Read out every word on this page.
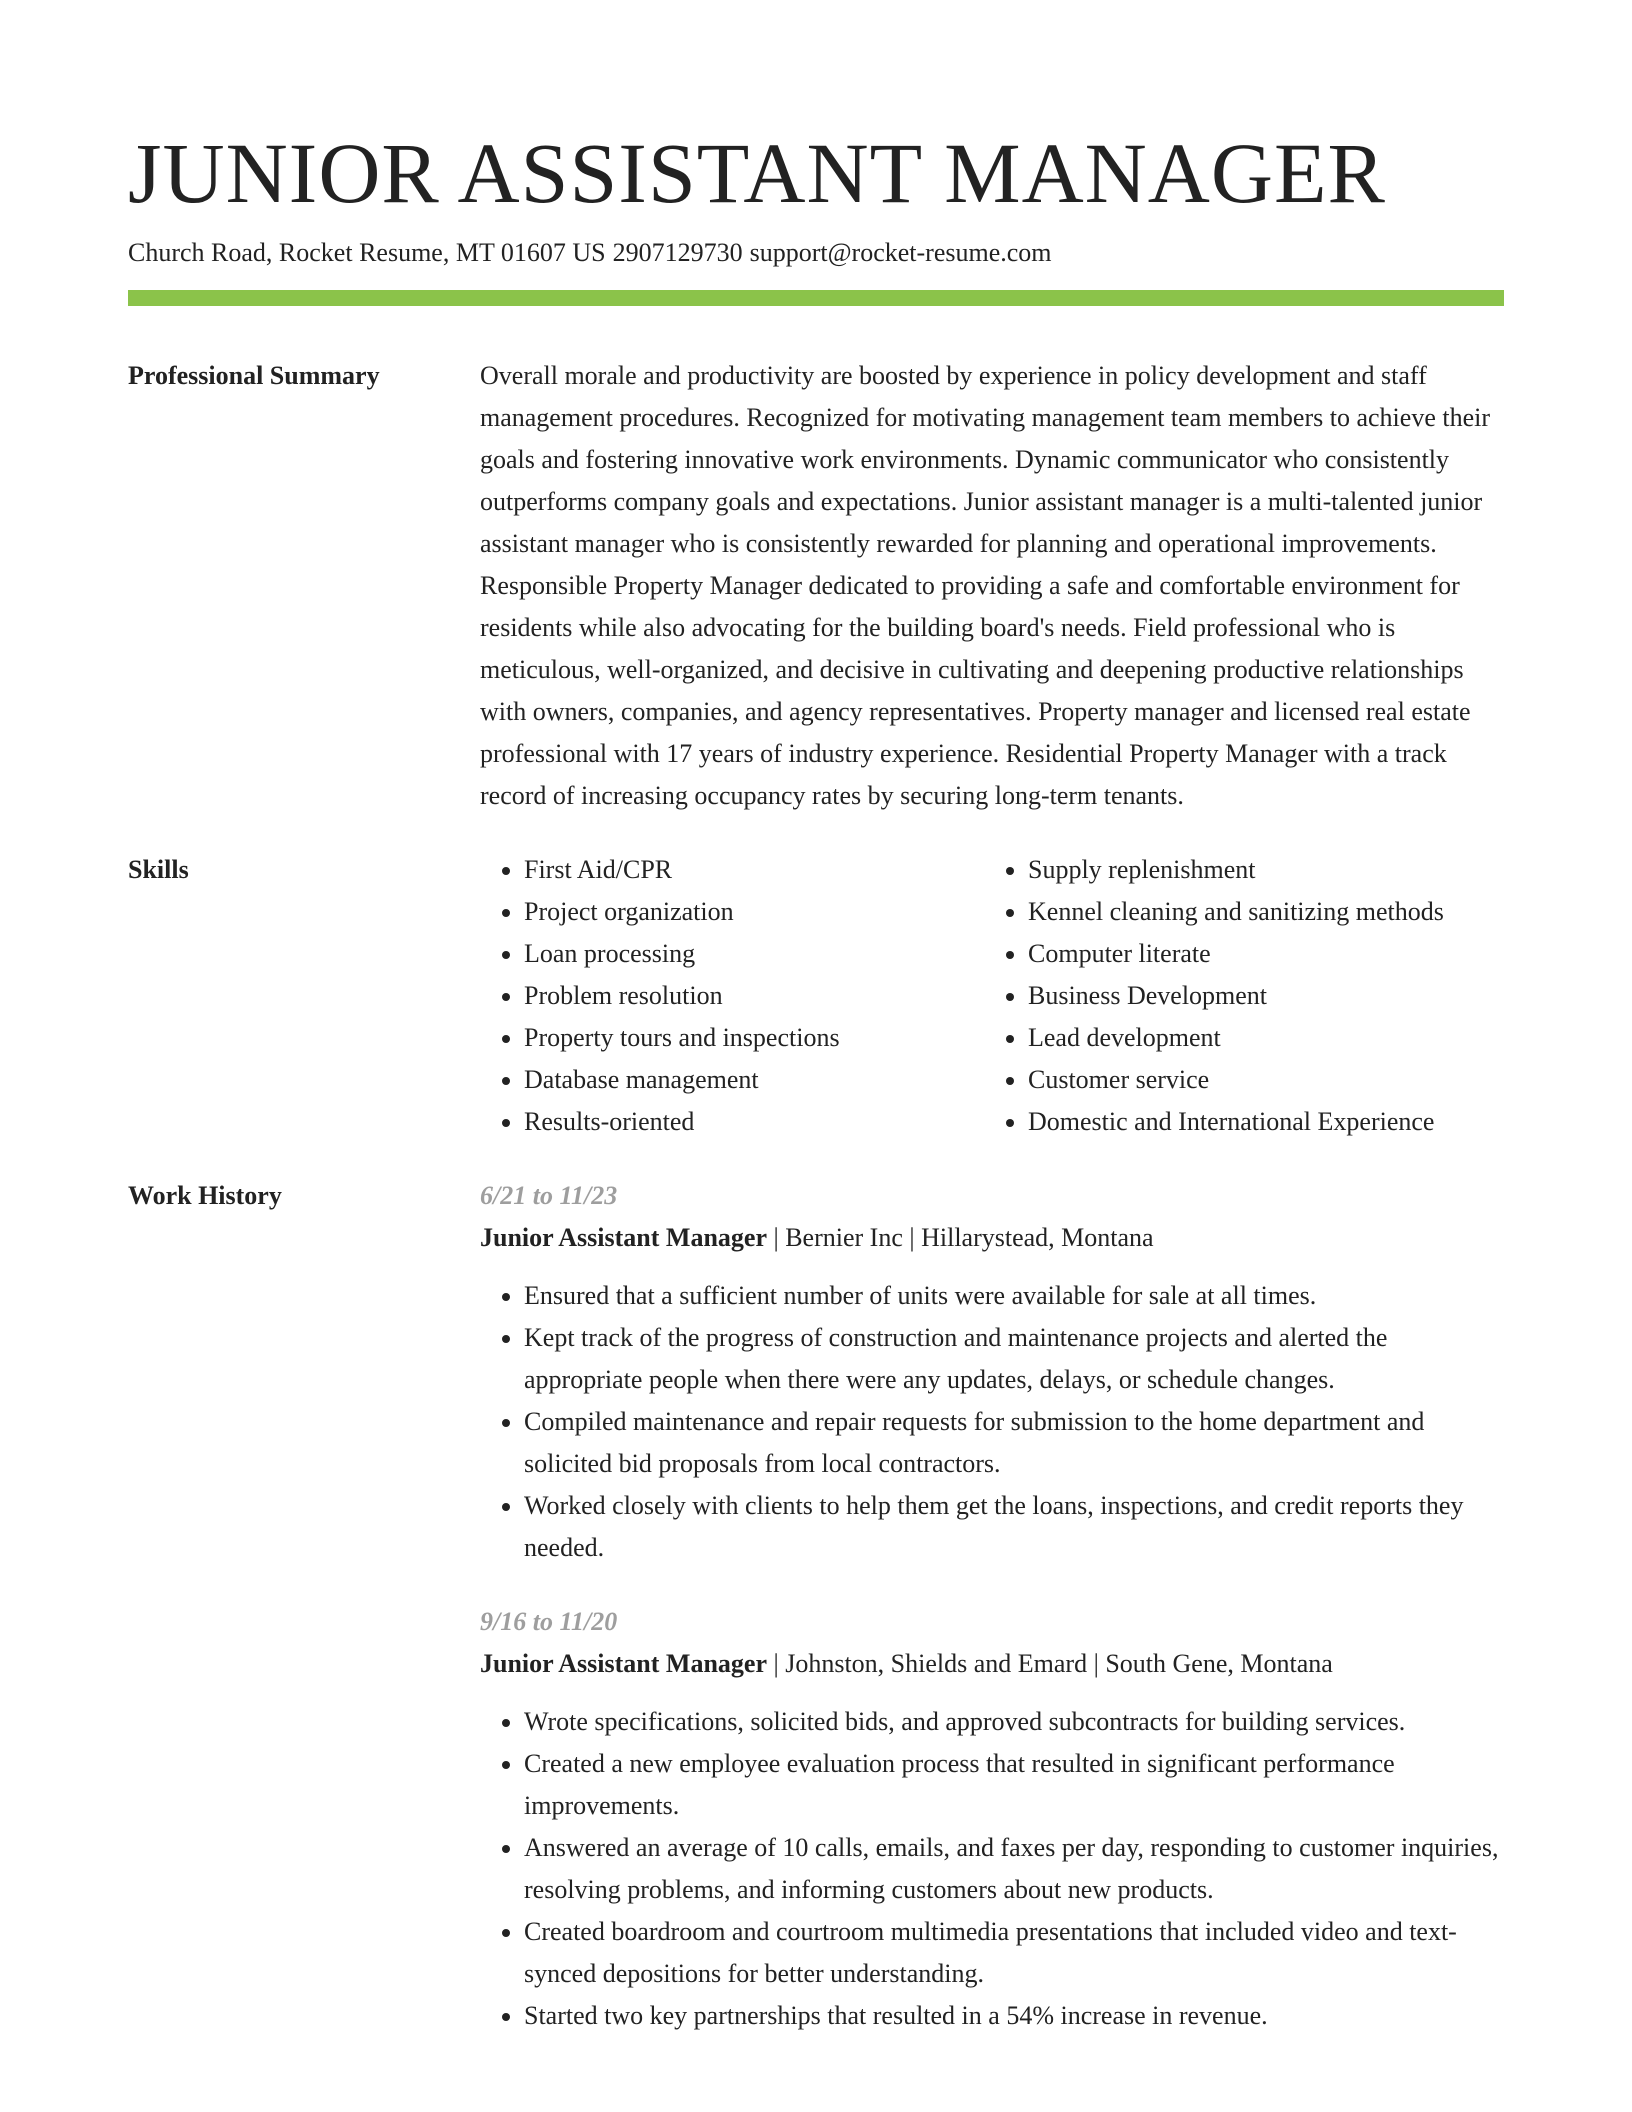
JUNIOR ASSISTANT MANAGER
Church Road, Rocket Resume, MT 01607 US 2907129730 support@rocket-resume.com
Professional Summary	Overall morale and productivity are boosted by experience in policy development and staff management procedures. Recognized for motivating management team members to achieve their goals and fostering innovative work environments. Dynamic communicator who consistently outperforms company goals and expectations. Junior assistant manager is a multi-talented junior assistant manager who is consistently rewarded for planning and operational improvements. Responsible Property Manager dedicated to providing a safe and comfortable environment for residents while also advocating for the building board's needs. Field professional who is meticulous, well-organized, and decisive in cultivating and deepening productive relationships with owners, companies, and agency representatives. Property manager and licensed real estate professional with 17 years of industry experience. Residential Property Manager with a track record of increasing occupancy rates by securing long-term tenants.
Skills
•	First Aid/CPR
• Project organization
• Loan processing
• Problem resolution
• Property tours and inspections
• Database management
• Results-oriented
• Supply replenishment
• Kennel cleaning and sanitizing methods
• Computer literate
• Business Development
• Lead development
• Customer service
• Domestic and International Experience
Work History	6/21 to 11/23
Junior Assistant Manager | Bernier Inc | Hillarystead, Montana
• Ensured that a sufficient number of units were available for sale at all times.
• Kept track of the progress of construction and maintenance projects and alerted the appropriate people when there were any updates, delays, or schedule changes.
• Compiled maintenance and repair requests for submission to the home department and solicited bid proposals from local contractors.
• Worked closely with clients to help them get the loans, inspections, and credit reports they needed.
9/16 to 11/20
Junior Assistant Manager | Johnston, Shields and Emard | South Gene, Montana
• Wrote specifications, solicited bids, and approved subcontracts for building services.
• Created a new employee evaluation process that resulted in significant performance improvements.
• Answered an average of 10 calls, emails, and faxes per day, responding to customer inquiries, resolving problems, and informing customers about new products.
• Created boardroom and courtroom multimedia presentations that included video and text-synced depositions for better understanding.
• Started two key partnerships that resulted in a 54% increase in revenue.
